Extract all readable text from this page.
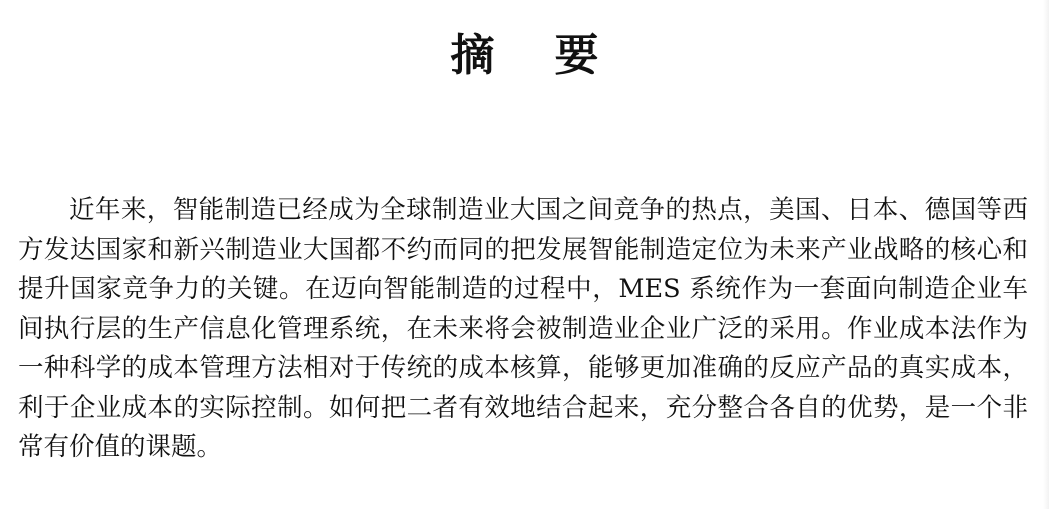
摘要

近年来，智能制造已经成为全球制造业大国之间竞争的热点，美国、日本、德国等西方发达国家和新兴制造业大国都不约而同的把发展智能制造定位为未来产业战略的核心和提升国家竞争力的关键。在迈向智能制造的过程中，MES 系统作为一套面向制造企业车间执行层的生产信息化管理系统，在未来将会被制造业企业广泛的采用。作业成本法作为一种科学的成本管理方法相对于传统的成本核算，能够更加准确的反应产品的真实成本，利于企业成本的实际控制。如何把二者有效地结合起来，充分整合各自的优势，是一个非常有价值的课题。
